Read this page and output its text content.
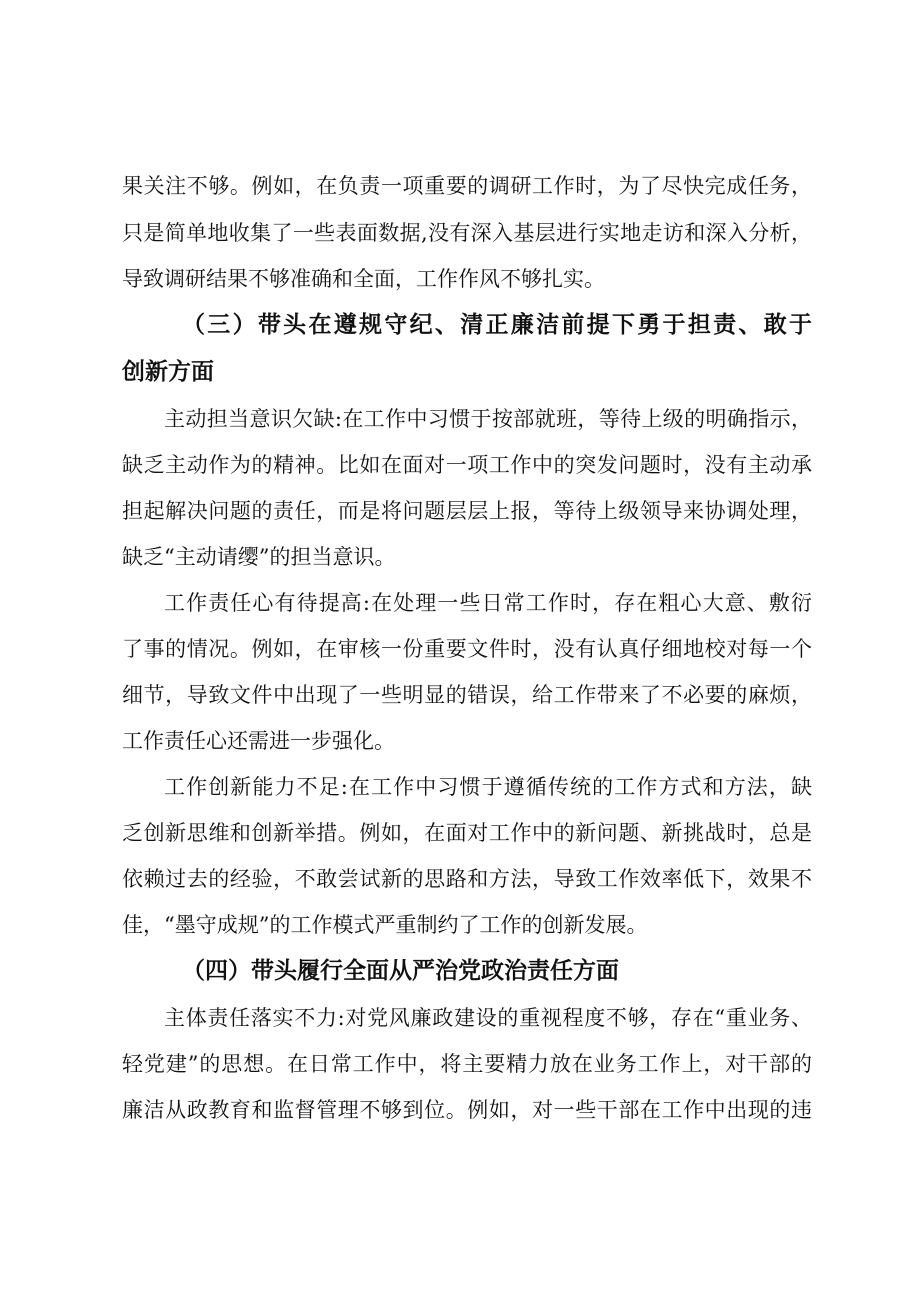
果关注不够。例如，在负责一项重要的调研工作时，为了尽快完成任务，
只是简单地收集了一些表面数据,没有深入基层进行实地走访和深入分析，
导致调研结果不够准确和全面，工作作风不够扎实。
（三）带头在遵规守纪、清正廉洁前提下勇于担责、敢于
创新方面
主动担当意识欠缺:在工作中习惯于按部就班，等待上级的明确指示，
缺乏主动作为的精神。比如在面对一项工作中的突发问题时，没有主动承
担起解决问题的责任，而是将问题层层上报，等待上级领导来协调处理，
缺乏“主动请缨”的担当意识。
工作责任心有待提高:在处理一些日常工作时，存在粗心大意、敷衍
了事的情况。例如，在审核一份重要文件时，没有认真仔细地校对每一个
细节，导致文件中出现了一些明显的错误，给工作带来了不必要的麻烦，
工作责任心还需进一步强化。
工作创新能力不足:在工作中习惯于遵循传统的工作方式和方法，缺
乏创新思维和创新举措。例如，在面对工作中的新问题、新挑战时，总是
依赖过去的经验，不敢尝试新的思路和方法，导致工作效率低下，效果不
佳，“墨守成规”的工作模式严重制约了工作的创新发展。
（四）带头履行全面从严治党政治责任方面
主体责任落实不力:对党风廉政建设的重视程度不够，存在“重业务、
轻党建”的思想。在日常工作中，将主要精力放在业务工作上，对干部的
廉洁从政教育和监督管理不够到位。例如，对一些干部在工作中出现的违
